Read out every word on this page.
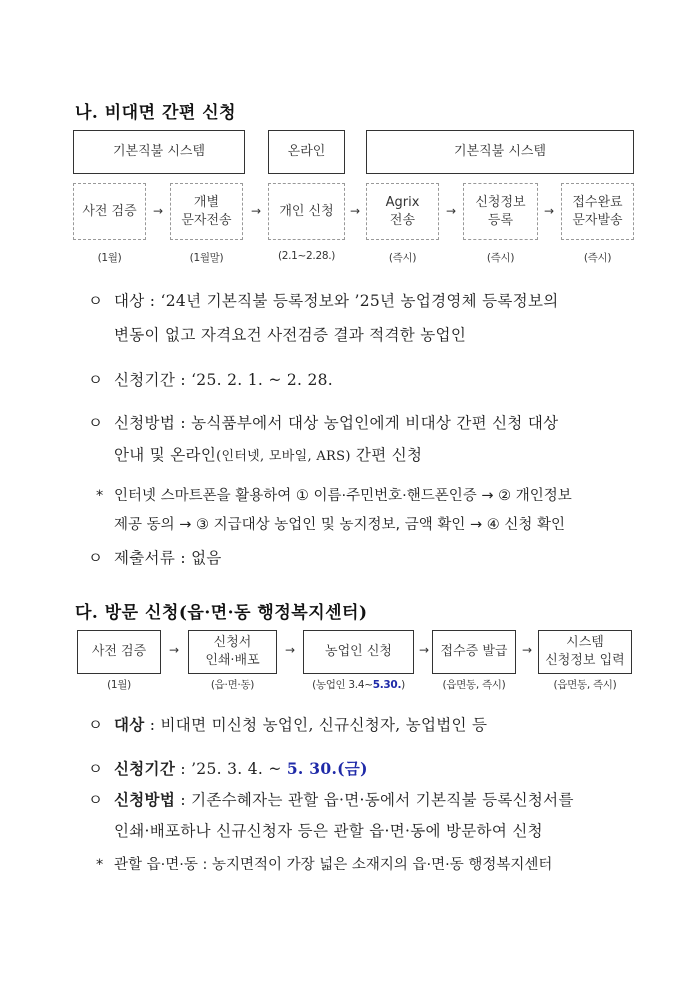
나. 비대면 간편 신청
기본직불 시스템	온라인	기본직불 시스템
사전 검증	→
개별
문자전송
→	개인 신청	→
Agrix
전송
→
신청정보
등록
→
접수완료
문자발송
(1월)	(1월말)	(2.1~2.28.)	(즉시)	(즉시)	(즉시)
ㅇ 대상 : ‘24년 기본직불 등록정보와 ’25년 농업경영체 등록정보의
변동이 없고 자격요건 사전검증 결과 적격한 농업인
ㅇ 신청기간 : ‘25. 2. 1. ~ 2. 28.
ㅇ 신청방법 : 농식품부에서 대상 농업인에게 비대상 간편 신청 대상
안내 및 온라인(인터넷, 모바일, ARS) 간편 신청
* 인터넷 스마트폰을 활용하여 ① 이름·주민번호·핸드폰인증 → ② 개인정보
제공 동의 → ③ 지급대상 농업인 및 농지정보, 금액 확인 → ④ 신청 확인
ㅇ 제출서류 : 없음
다. 방문 신청(읍·면·동 행정복지센터)
사전 검증	→	신청서
인쇄·배포
→	농업인 신청	→ 접수증 발급	→	시스템
신청정보 입력
(1월)	(읍·면·동)	(농업인 3.4~5.30.)	(읍면동, 즉시)	(읍면동, 즉시)
ㅇ 대상 : 비대면 미신청 농업인, 신규신청자, 농업법인 등
ㅇ 신청기간 : ’25. 3. 4. ~ 5. 30.(금)
ㅇ 신청방법 : 기존수혜자는 관할 읍·면·동에서 기본직불 등록신청서를
인쇄·배포하나 신규신청자 등은 관할 읍·면·동에 방문하여 신청
* 관할 읍·면·동 : 농지면적이 가장 넓은 소재지의 읍·면·동 행정복지센터
